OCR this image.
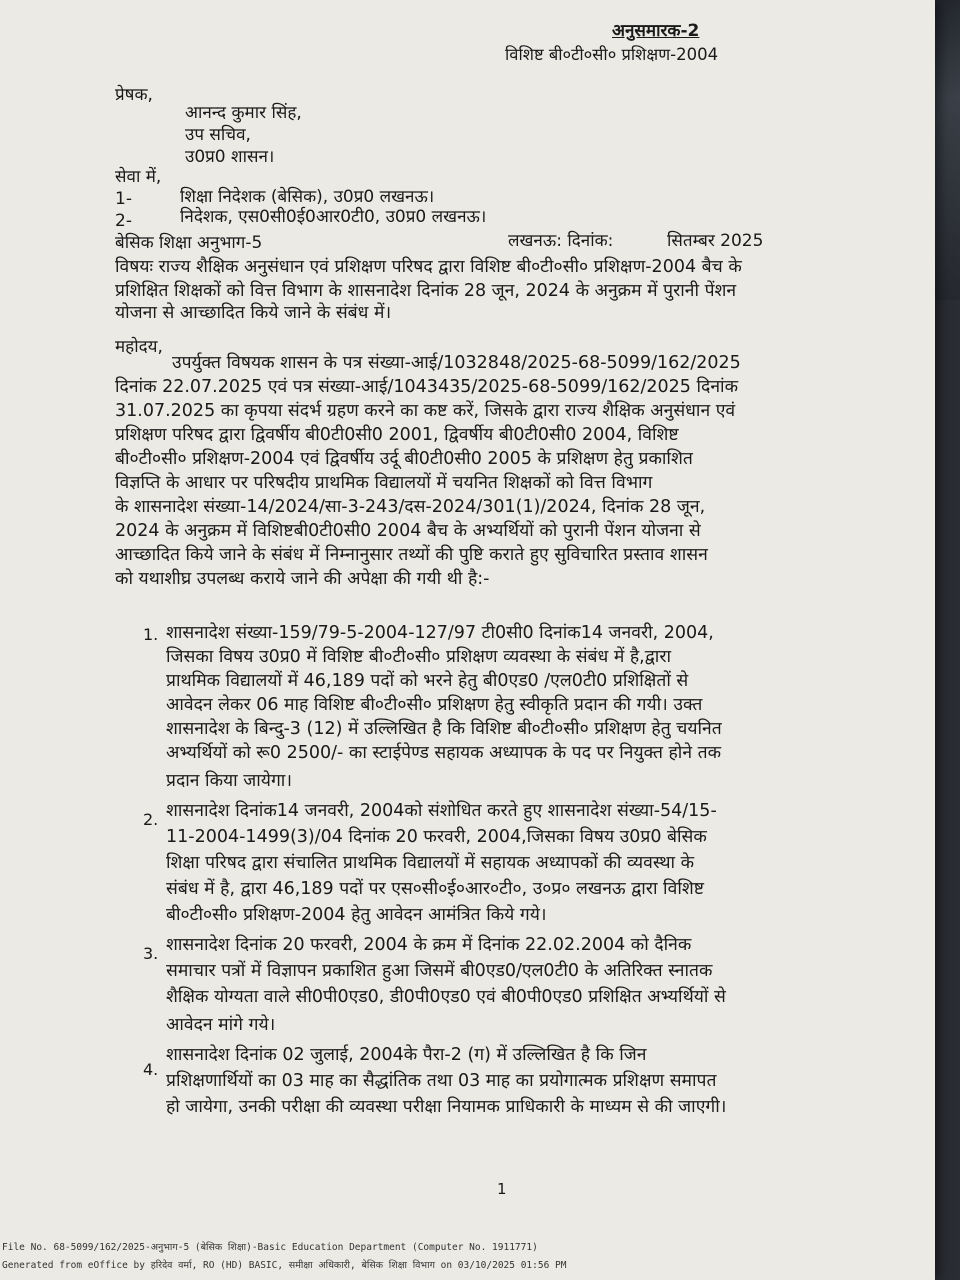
अनुसमारक-2
विशिष्ट बी०टी०सी० प्रशिक्षण-2004
प्रेषक,
आनन्द कुमार सिंह,
उप सचिव,
उ0प्र0 शासन।
सेवा में,
1-	शिक्षा निदेशक (बेसिक), उ0प्र0 लखनऊ।
2-	निदेशक, एस0सी0ई0आर0टी0, उ0प्र0 लखनऊ।
बेसिक शिक्षा अनुभाग-5	लखनऊ: दिनांक:	सितम्बर 2025
विषयः राज्य शैक्षिक अनुसंधान एवं प्रशिक्षण परिषद द्वारा विशिष्ट बी०टी०सी० प्रशिक्षण-2004 बैच के
प्रशिक्षित शिक्षकों को वित्त विभाग के शासनादेश दिनांक 28 जून, 2024 के अनुक्रम में पुरानी पेंशन
योजना से आच्छादित किये जाने के संबंध में।
महोदय,
उपर्युक्त विषयक शासन के पत्र संख्या-आई/1032848/2025-68-5099/162/2025
दिनांक 22.07.2025 एवं पत्र संख्या-आई/1043435/2025-68-5099/162/2025 दिनांक
31.07.2025 का कृपया संदर्भ ग्रहण करने का कष्ट करें, जिसके द्वारा राज्य शैक्षिक अनुसंधान एवं
प्रशिक्षण परिषद द्वारा द्विवर्षीय बी0टी0सी0 2001, द्विवर्षीय बी0टी0सी0 2004, विशिष्ट
बी०टी०सी० प्रशिक्षण-2004 एवं द्विवर्षीय उर्दू बी0टी0सी0 2005 के प्रशिक्षण हेतु प्रकाशित
विज्ञप्ति के आधार पर परिषदीय प्राथमिक विद्यालयों में चयनित शिक्षकों को वित्त विभाग
के शासनादेश संख्या-14/2024/सा-3-243/दस-2024/301(1)/2024, दिनांक 28 जून,
2024 के अनुक्रम में विशिष्टबी0टी0सी0 2004 बैच के अभ्यर्थियों को पुरानी पेंशन योजना से
आच्छादित किये जाने के संबंध में निम्नानुसार तथ्यों की पुष्टि कराते हुए सुविचारित प्रस्ताव शासन
को यथाशीघ्र उपलब्ध कराये जाने की अपेक्षा की गयी थी है:-
1. शासनादेश संख्या-159/79-5-2004-127/97 टी0सी0 दिनांक14 जनवरी, 2004,
जिसका विषय उ0प्र0 में विशिष्ट बी०टी०सी० प्रशिक्षण व्यवस्था के संबंध में है,द्वारा
प्राथमिक विद्यालयों में 46,189 पदों को भरने हेतु बी0एड0 /एल0टी0 प्रशिक्षितों से
आवेदन लेकर 06 माह विशिष्ट बी०टी०सी० प्रशिक्षण हेतु स्वीकृति प्रदान की गयी। उक्त
शासनादेश के बिन्दु-3 (12) में उल्लिखित है कि विशिष्ट बी०टी०सी० प्रशिक्षण हेतु चयनित
अभ्यर्थियों को रू0 2500/- का स्टाईपेण्ड सहायक अध्यापक के पद पर नियुक्त होने तक
प्रदान किया जायेगा।
2. शासनादेश दिनांक14 जनवरी, 2004को संशोधित करते हुए शासनादेश संख्या-54/15-
11-2004-1499(3)/04 दिनांक 20 फरवरी, 2004,जिसका विषय उ0प्र0 बेसिक
शिक्षा परिषद द्वारा संचालित प्राथमिक विद्यालयों में सहायक अध्यापकों की व्यवस्था के
संबंध में है, द्वारा 46,189 पदों पर एस०सी०ई०आर०टी०, उ०प्र० लखनऊ द्वारा विशिष्ट
बी०टी०सी० प्रशिक्षण-2004 हेतु आवेदन आमंत्रित किये गये।
3. शासनादेश दिनांक 20 फरवरी, 2004 के क्रम में दिनांक 22.02.2004 को दैनिक
समाचार पत्रों में विज्ञापन प्रकाशित हुआ जिसमें बी0एड0/एल0टी0 के अतिरिक्त स्नातक
शैक्षिक योग्यता वाले सी0पी0एड0, डी0पी0एड0 एवं बी0पी0एड0 प्रशिक्षित अभ्यर्थियों से
आवेदन मांगे गये।
4.
शासनादेश दिनांक 02 जुलाई, 2004के पैरा-2 (ग) में उल्लिखित है कि जिन
प्रशिक्षणार्थियों का 03 माह का सैद्धांतिक तथा 03 माह का प्रयोगात्मक प्रशिक्षण समापत
हो जायेगा, उनकी परीक्षा की व्यवस्था परीक्षा नियामक प्राधिकारी के माध्यम से की जाएगी।
1
File No. 68-5099/162/2025-अनुभाग-5 (बेसिक शिक्षा)-Basic Education Department (Computer No. 1911771)
Generated from eOffice by हरिदेव वर्मा, RO (HD) BASIC, समीक्षा अधिकारी, बेसिक शिक्षा विभाग on 03/10/2025 01:56 PM
